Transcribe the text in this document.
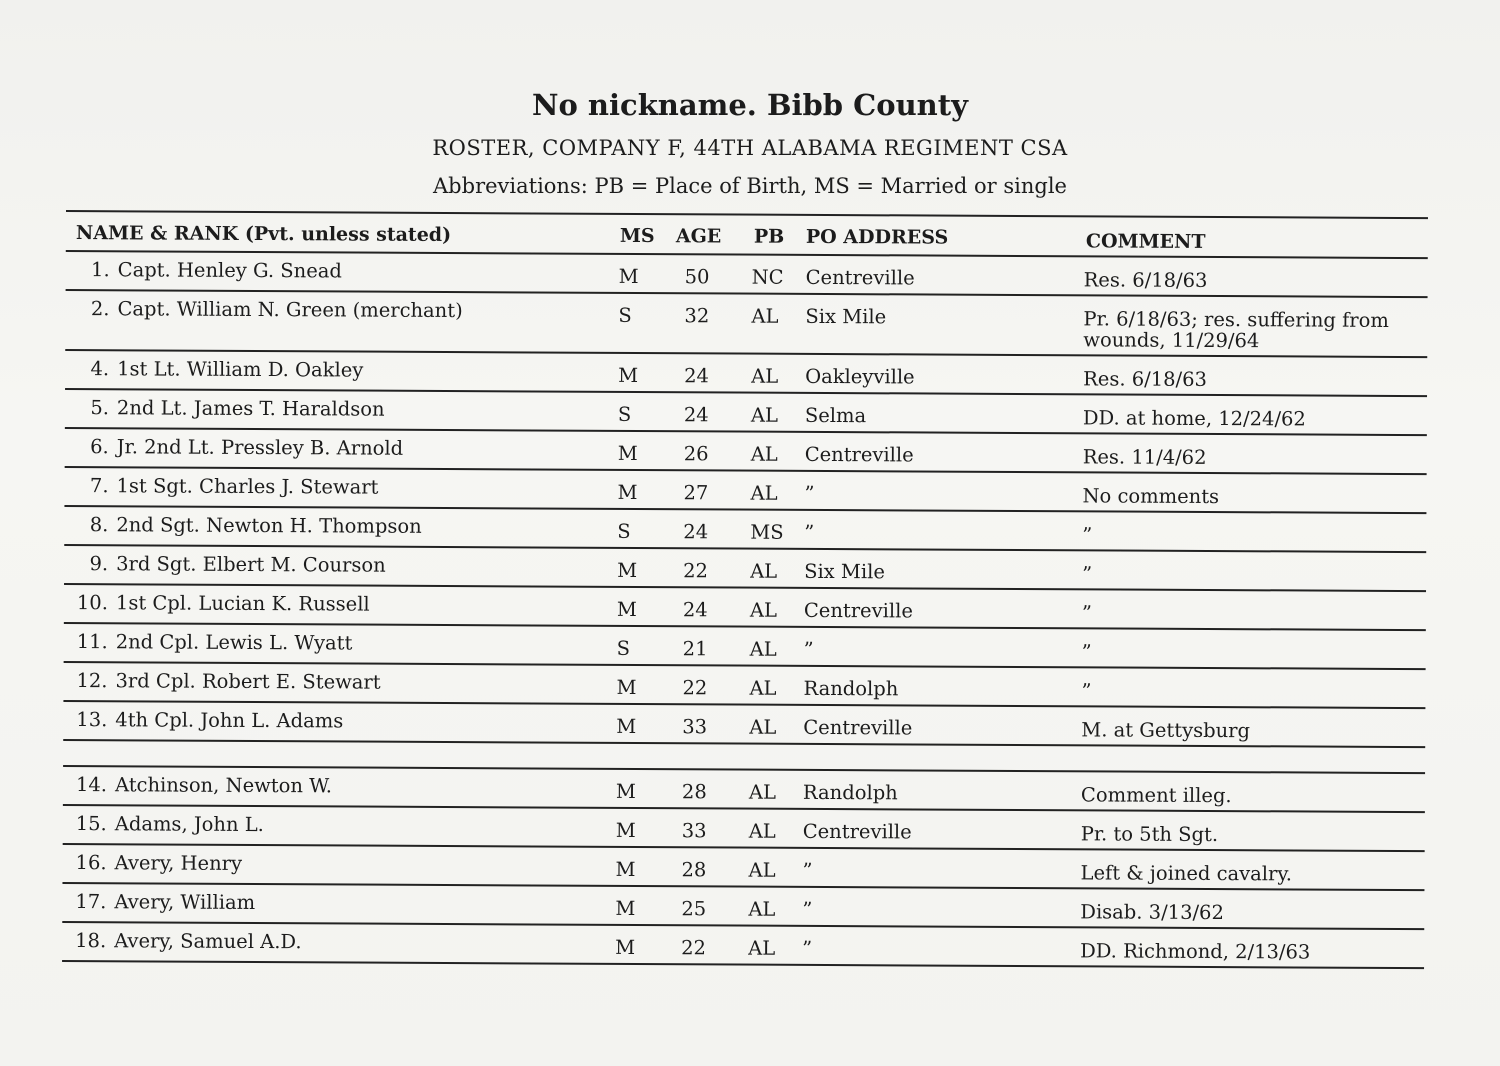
No nickname. Bibb County
ROSTER, COMPANY F, 44TH ALABAMA REGIMENT CSA
Abbreviations: PB = Place of Birth, MS = Married or single
NAME & RANK (Pvt. unless stated)	MS AGE PB PO ADDRESS	COMMENT
1. Capt. Henley G. Snead	M 50 NC Centreville	Res. 6/18/63
2. Capt. William N. Green (merchant)	S	32 AL Six Mile	Pr. 6/18/63; res. suffering from wounds, 11/29/64
4. 1st Lt. William D. Oakley	M 24 AL Oakleyville	Res. 6/18/63
5. 2nd Lt. James T. Haraldson	S	24 AL Selma	DD. at home, 12/24/62
6. Jr. 2nd Lt. Pressley B. Arnold	M 26 AL Centreville	Res. 11/4/62
7. 1st Sgt. Charles J. Stewart	M 27 AL ”	No comments
8. 2nd Sgt. Newton H. Thompson	S	24 MS ”	”
9. 3rd Sgt. Elbert M. Courson	M 22 AL Six Mile	”
10. 1st Cpl. Lucian K. Russell	M 24 AL Centreville	”
11. 2nd Cpl. Lewis L. Wyatt	S	21 AL ”	”
12. 3rd Cpl. Robert E. Stewart	M 22 AL Randolph	”
13. 4th Cpl. John L. Adams	M 33 AL Centreville	M. at Gettysburg
14. Atchinson, Newton W.	M 28 AL Randolph	Comment illeg.
15. Adams, John L.	M 33 AL Centreville	Pr. to 5th Sgt.
16. Avery, Henry	M 28 AL ”	Left & joined cavalry.
17. Avery, William	M 25 AL ”	Disab. 3/13/62
18. Avery, Samuel A.D.	M 22 AL ”	DD. Richmond, 2/13/63
